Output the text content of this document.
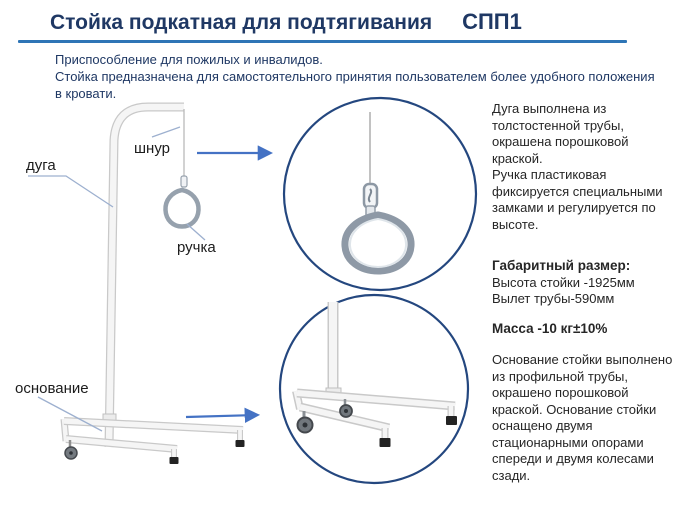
Стойка подкатная для подтягивания СПП1

Приспособление для пожилых и инвалидов.

Стойка предназначена для самостоятельного принятия пользователем более удобного положения в кровати.

дуга
шнур
ручка
основание

Дуга выполнена из толстостенной трубы, окрашена порошковой краской.

Ручка пластиковая фиксируется специальными замками и регулируется по высоте.

Габаритный размер:

Высота стойки -1925мм

Вылет трубы-590мм

Масса -10 кг±10%
Основание стойки выполнено из профильной трубы, окрашено порошковой краской. Основание стойки оснащено двумя стационарными опорами спереди и двумя колесами сзади.
